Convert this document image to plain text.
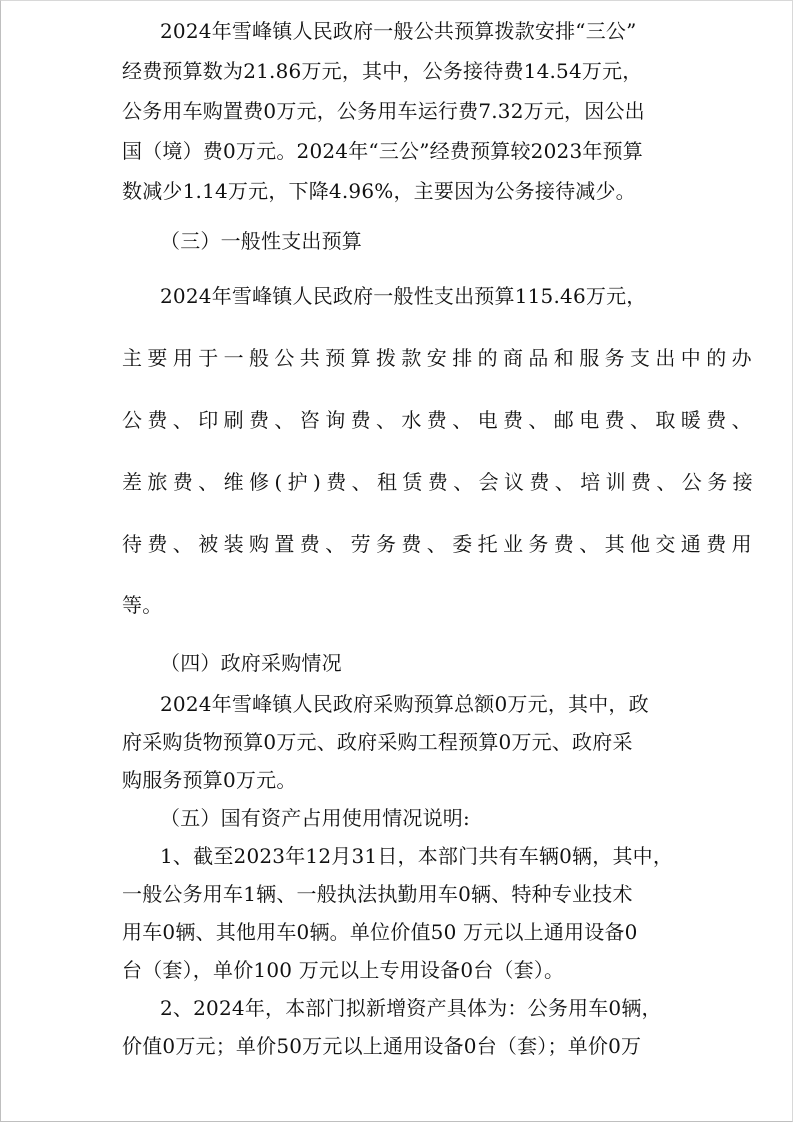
2024年雪峰镇人民政府一般公共预算拨款安排“三公”
经费预算数为21.86万元，其中，公务接待费14.54万元，
公务用车购置费0万元，公务用车运行费7.32万元，因公出
国（境）费0万元。2024年“三公”经费预算较2023年预算
数减少1.14万元，下降4.96%，主要因为公务接待减少。
（三）一般性支出预算
2024年雪峰镇人民政府一般性支出预算115.46万元，
主要用于一般公共预算拨款安排的商品和服务支出中的办
公费、印刷费、咨询费、水费、电费、邮电费、取暖费、
差旅费、维修(护)费、租赁费、会议费、培训费、公务接
待费、被装购置费、劳务费、委托业务费、其他交通费用
等。
（四）政府采购情况
2024年雪峰镇人民政府采购预算总额0万元，其中，政
府采购货物预算0万元、政府采购工程预算0万元、政府采
购服务预算0万元。
（五）国有资产占用使用情况说明:
1、截至2023年12月31日，本部门共有车辆0辆，其中，
一般公务用车1辆、一般执法执勤用车0辆、特种专业技术
用车0辆、其他用车0辆。单位价值50 万元以上通用设备0
台（套），单价100 万元以上专用设备0台（套）。
2、2024年，本部门拟新增资产具体为：公务用车0辆，
价值0万元；单价50万元以上通用设备0台（套）；单价0万
